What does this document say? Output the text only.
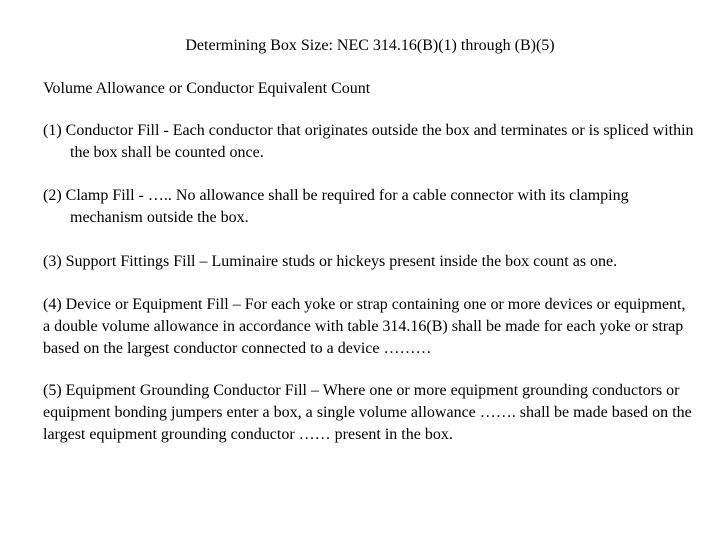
Determining Box Size: NEC 314.16(B)(1) through (B)(5)
Volume Allowance or Conductor Equivalent Count
(1) Conductor Fill - Each conductor that originates outside the box and terminates or is spliced within the box shall be counted once.
(2) Clamp Fill - ….. No allowance shall be required for a cable connector with its clamping mechanism outside the box.
(3) Support Fittings Fill – Luminaire studs or hickeys present inside the box count as one.
(4) Device or Equipment Fill – For each yoke or strap containing one or more devices or equipment, a double volume allowance in accordance with table 314.16(B) shall be made for each yoke or strap based on the largest conductor connected to a device ………
(5) Equipment Grounding Conductor Fill – Where one or more equipment grounding conductors or equipment bonding jumpers enter a box, a single volume allowance ……. shall be made based on the largest equipment grounding conductor …… present in the box.
